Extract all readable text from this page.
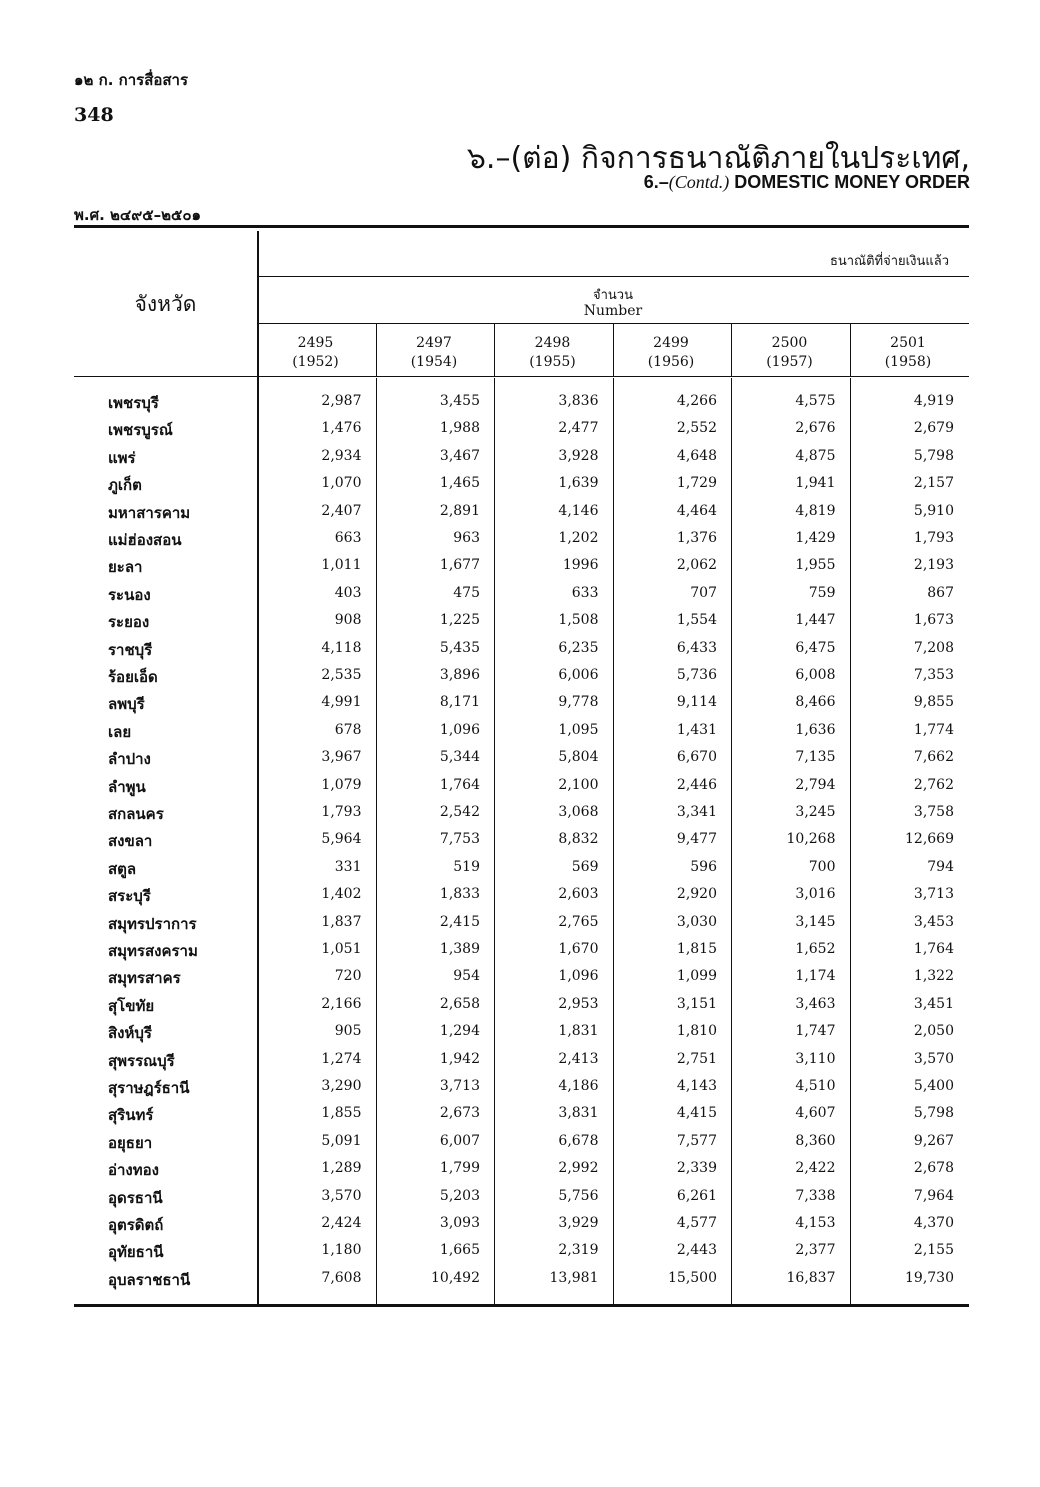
๑๒ ก. การสื่อสาร
348
๖.–(ต่อ) กิจการธนาณัติภายในประเทศ,
6.–(Contd.) DOMESTIC MONEY ORDER
พ.ศ. ๒๔๙๕–๒๕๐๑
จังหวัด
ธนาณัติที่จ่ายเงินแล้ว
จำนวน
Number
2495
(1952)
2497
(1954)
2498
(1955)
2499
(1956)
2500
(1957)
2501
(1958)
เพชรบุรี	2,987	3,455	3,836	4,266	4,575	4,919
เพชรบูรณ์	1,476	1,988	2,477	2,552	2,676	2,679
แพร่	2,934	3,467	3,928	4,648	4,875	5,798
ภูเก็ต	1,070	1,465	1,639	1,729	1,941	2,157
มหาสารคาม	2,407	2,891	4,146	4,464	4,819	5,910
แม่ฮ่องสอน	663	963	1,202	1,376	1,429	1,793
ยะลา	1,011	1,677	1996	2,062	1,955	2,193
ระนอง	403	475	633	707	759	867
ระยอง	908	1,225	1,508	1,554	1,447	1,673
ราชบุรี	4,118	5,435	6,235	6,433	6,475	7,208
ร้อยเอ็ด	2,535	3,896	6,006	5,736	6,008	7,353
ลพบุรี	4,991	8,171	9,778	9,114	8,466	9,855
เลย	678	1,096	1,095	1,431	1,636	1,774
ลำปาง	3,967	5,344	5,804	6,670	7,135	7,662
ลำพูน	1,079	1,764	2,100	2,446	2,794	2,762
สกลนคร	1,793	2,542	3,068	3,341	3,245	3,758
สงขลา	5,964	7,753	8,832	9,477	10,268	12,669
สตูล	331	519	569	596	700	794
สระบุรี	1,402	1,833	2,603	2,920	3,016	3,713
สมุทรปราการ	1,837	2,415	2,765	3,030	3,145	3,453
สมุทรสงคราม	1,051	1,389	1,670	1,815	1,652	1,764
สมุทรสาคร	720	954	1,096	1,099	1,174	1,322
สุโขทัย	2,166	2,658	2,953	3,151	3,463	3,451
สิงห์บุรี	905	1,294	1,831	1,810	1,747	2,050
สุพรรณบุรี	1,274	1,942	2,413	2,751	3,110	3,570
สุราษฎร์ธานี	3,290	3,713	4,186	4,143	4,510	5,400
สุรินทร์	1,855	2,673	3,831	4,415	4,607	5,798
อยุธยา	5,091	6,007	6,678	7,577	8,360	9,267
อ่างทอง	1,289	1,799	2,992	2,339	2,422	2,678
อุดรธานี	3,570	5,203	5,756	6,261	7,338	7,964
อุตรดิตถ์	2,424	3,093	3,929	4,577	4,153	4,370
อุทัยธานี	1,180	1,665	2,319	2,443	2,377	2,155
อุบลราชธานี	7,608	10,492	13,981	15,500	16,837	19,730
